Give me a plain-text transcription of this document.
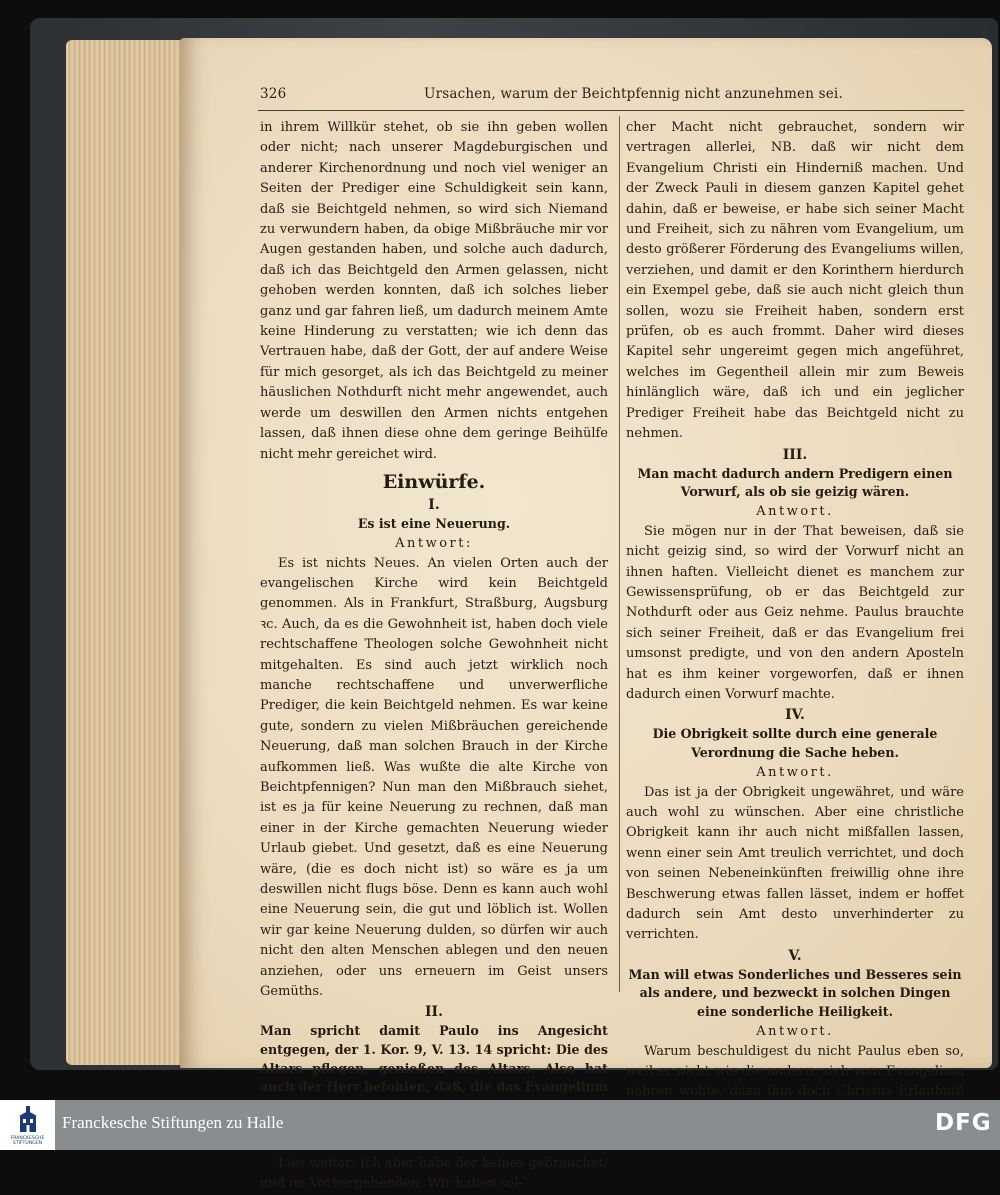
326	Ursachen, warum der Beichtpfennig nicht anzunehmen sei.

in ihrem Willkür stehet, ob sie ihn geben wollen oder nicht; nach unserer Magdeburgischen und anderer Kirchenordnung und noch viel weniger an Seiten der Prediger eine Schuldigkeit sein kann, daß sie Beichtgeld nehmen, so wird sich Niemand zu verwundern haben, da obige Mißbräuche mir vor Augen gestanden haben, und solche auch dadurch, daß ich das Beichtgeld den Armen gelassen, nicht gehoben werden konnten, daß ich solches lieber ganz und gar fahren ließ, um dadurch meinem Amte keine Hinderung zu verstatten; wie ich denn das Vertrauen habe, daß der Gott, der auf andere Weise für mich gesorget, als ich das Beichtgeld zu meiner häuslichen Nothdurft nicht mehr angewendet, auch werde um deswillen den Armen nichts entgehen lassen, daß ihnen diese ohne dem geringe Beihülfe nicht mehr gereichet wird.

Einwürfe.
I.
Es ist eine Neuerung.
Antwort:

Es ist nichts Neues. An vielen Orten auch der evangelischen Kirche wird kein Beichtgeld genommen. Als in Frankfurt, Straßburg, Augsburg ꝛc. Auch, da es die Gewohnheit ist, haben doch viele rechtschaffene Theologen solche Gewohnheit nicht mitgehalten. Es sind auch jetzt wirklich noch manche rechtschaffene und unverwerfliche Prediger, die kein Beichtgeld nehmen. Es war keine gute, sondern zu vielen Mißbräuchen gereichende Neuerung, daß man solchen Brauch in der Kirche aufkommen ließ. Was wußte die alte Kirche von Beichtpfennigen? Nun man den Mißbrauch siehet, ist es ja für keine Neuerung zu rechnen, daß man einer in der Kirche gemachten Neuerung wieder Urlaub giebet. Und gesetzt, daß es eine Neuerung wäre, (die es doch nicht ist) so wäre es ja um deswillen nicht flugs böse. Denn es kann auch wohl eine Neuerung sein, die gut und löblich ist. Wollen wir gar keine Neuerung dulden, so dürfen wir auch nicht den alten Menschen ablegen und den neuen anziehen, oder uns erneuern im Geist unsers Gemüths.

II.
Man spricht damit Paulo ins Angesicht entgegen, der 1. Kor. 9, V. 13. 14 spricht: Die des Altars pflegen, genießen des Altars. Also hat auch der Herr befohlen, daß, die das Evangelium

Lies weiter: Ich aber habe der keines gebrauchet; und im Vorhergehenden: Wir haben sol-

cher Macht nicht gebrauchet, sondern wir vertragen allerlei, NB. daß wir nicht dem Evangelium Christi ein Hinderniß machen. Und der Zweck Pauli in diesem ganzen Kapitel gehet dahin, daß er beweise, er habe sich seiner Macht und Freiheit, sich zu nähren vom Evangelium, um desto größerer Förderung des Evangeliums willen, verziehen, und damit er den Korinthern hierdurch ein Exempel gebe, daß sie auch nicht gleich thun sollen, wozu sie Freiheit haben, sondern erst prüfen, ob es auch frommt. Daher wird dieses Kapitel sehr ungereimt gegen mich angeführet, welches im Gegentheil allein mir zum Beweis hinlänglich wäre, daß ich und ein jeglicher Prediger Freiheit habe das Beichtgeld nicht zu nehmen.

III.
Man macht dadurch andern Predigern einen Vorwurf, als ob sie geizig wären.
Antwort.

Sie mögen nur in der That beweisen, daß sie nicht geizig sind, so wird der Vorwurf nicht an ihnen haften. Vielleicht dienet es manchem zur Gewissensprüfung, ob er das Beichtgeld zur Nothdurft oder aus Geiz nehme. Paulus brauchte sich seiner Freiheit, daß er das Evangelium frei umsonst predigte, und von den andern Aposteln hat es ihm keiner vorgeworfen, daß er ihnen dadurch einen Vorwurf machte.

IV.
Die Obrigkeit sollte durch eine generale Verordnung die Sache heben.
Antwort.

Das ist ja der Obrigkeit ungewähret, und wäre auch wohl zu wünschen. Aber eine christliche Obrigkeit kann ihr auch nicht mißfallen lassen, wenn einer sein Amt treulich verrichtet, und doch von seinen Nebeneinkünften freiwillig ohne ihre Beschwerung etwas fallen lässet, indem er hoffet dadurch sein Amt desto unverhinderter zu verrichten.

V.
Man will etwas Sonderliches und Besseres sein als andere, und bezweckt in solchen Dingen eine sonderliche Heiligkeit.
Antwort.

Warum beschuldigest du nicht Paulus eben so, weil er nicht wie die andern, sich vom Evangelium nähren wollte, dazu ihm doch Christus Erlaubniß

FRANCKESCHE STIFTUNGEN
Franckesche Stiftungen zu Halle	DFG
